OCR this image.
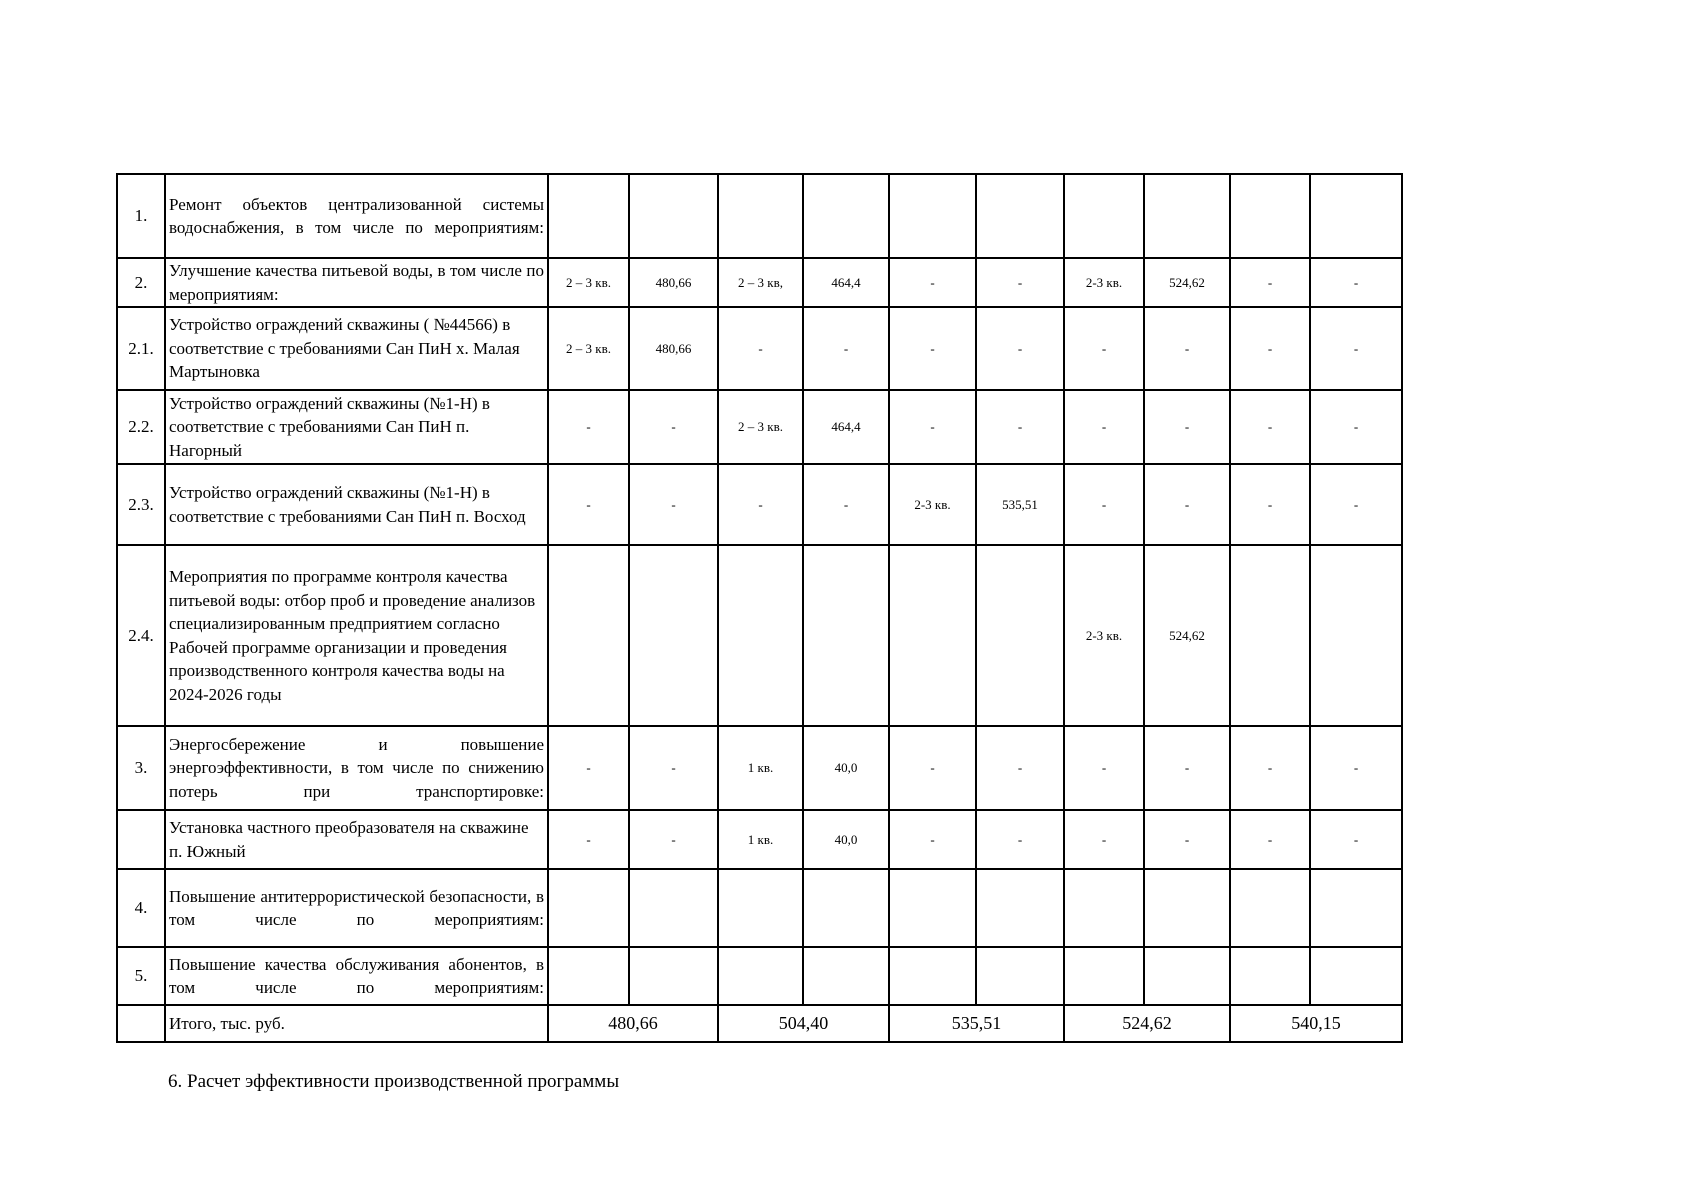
1.	Ремонт объектов централизованной системы водоснабжения, в том числе по мероприятиям:										
2.	Улучшение качества питьевой воды, в том числе по мероприятиям:	2 – 3 кв.	480,66	2 – 3 кв,	464,4	-	-	2-3 кв.	524,62	-	-
2.1.	Устройство ограждений скважины ( №44566) в соответствие с требованиями Сан ПиН х. Малая Мартыновка	2 – 3 кв.	480,66	-	-	-	-	-	-	-	-
2.2.	Устройство ограждений скважины (№1-Н) в соответствие с требованиями Сан ПиН п. Нагорный	-	-	2 – 3 кв.	464,4	-	-	-	-	-	-
2.3.	Устройство ограждений скважины (№1-Н) в соответствие с требованиями Сан ПиН п. Восход	-	-	-	-	2-3 кв.	535,51	-	-	-	-
2.4.	Мероприятия по программе контроля качества питьевой воды: отбор проб и проведение анализов специализированным предприятием согласно Рабочей программе организации и проведения производственного контроля качества воды на 2024-2026 годы							2-3 кв.	524,62		
3.	Энергосбережение и повышение энергоэффективности, в том числе по снижению потерь при транспортировке:	-	-	1 кв.	40,0	-	-	-	-	-	-
	Установка частного преобразователя на скважине п. Южный	-	-	1 кв.	40,0	-	-	-	-	-	-
4.	Повышение антитеррористической безопасности, в том числе по мероприятиям:										
5.	Повышение качества обслуживания абонентов, в том числе по мероприятиям:										
	Итого, тыс. руб.	480,66		504,40		535,51		524,62		540,15	
6. Расчет эффективности производственной программы
